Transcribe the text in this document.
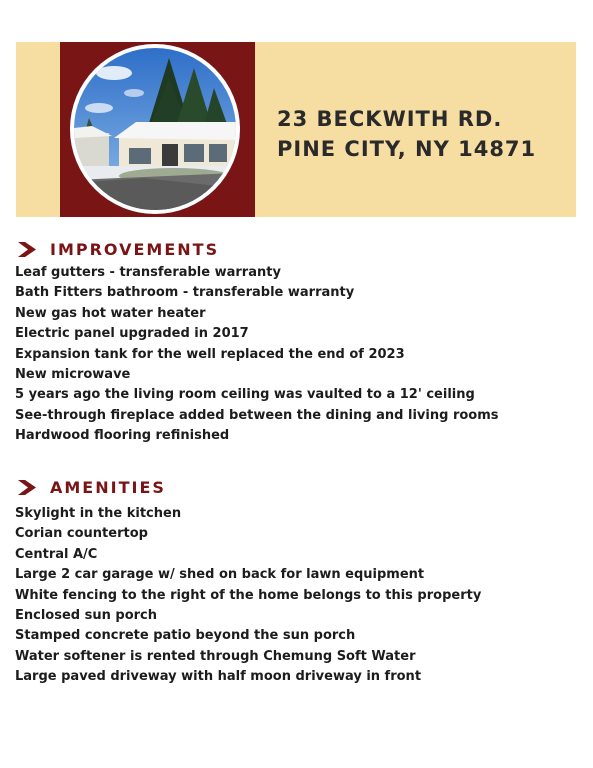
23 BECKWITH RD.
PINE CITY, NY 14871
IMPROVEMENTS
Leaf gutters - transferable warranty
Bath Fitters bathroom - transferable warranty
New gas hot water heater
Electric panel upgraded in 2017
Expansion tank for the well replaced the end of 2023
New microwave
5 years ago the living room ceiling was vaulted to a 12' ceiling
See-through fireplace added between the dining and living rooms
Hardwood flooring refinished
AMENITIES
Skylight in the kitchen
Corian countertop
Central A/C
Large 2 car garage w/ shed on back for lawn equipment
White fencing to the right of the home belongs to this property
Enclosed sun porch
Stamped concrete patio beyond the sun porch
Water softener is rented through Chemung Soft Water
Large paved driveway with half moon driveway in front
